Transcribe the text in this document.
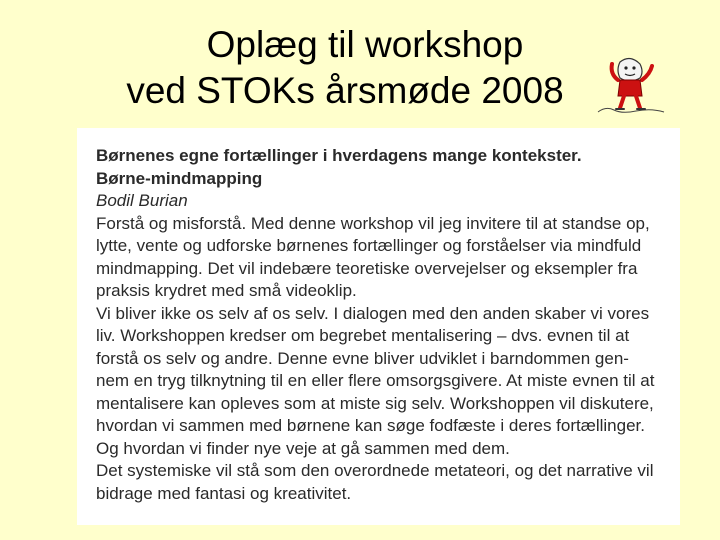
Oplæg til workshop
ved STOKs årsmøde 2008
Børnenes egne fortællinger i hverdagens mange kontekster.
Børne-mindmapping
Bodil Burian
Forstå og misforstå. Med denne workshop vil jeg invitere til at standse op,
lytte, vente og udforske børnenes fortællinger og forståelser via mindfuld
mindmapping. Det vil indebære teoretiske overvejelser og eksempler fra
praksis krydret med små videoklip.
Vi bliver ikke os selv af os selv. I dialogen med den anden skaber vi vores
liv. Workshoppen kredser om begrebet mentalisering – dvs. evnen til at
forstå os selv og andre. Denne evne bliver udviklet i barndommen gen-
nem en tryg tilknytning til en eller flere omsorgsgivere. At miste evnen til at
mentalisere kan opleves som at miste sig selv. Workshoppen vil diskutere,
hvordan vi sammen med børnene kan søge fodfæste i deres fortællinger.
Og hvordan vi finder nye veje at gå sammen med dem.
Det systemiske vil stå som den overordnede metateori, og det narrative vil
bidrage med fantasi og kreativitet.
